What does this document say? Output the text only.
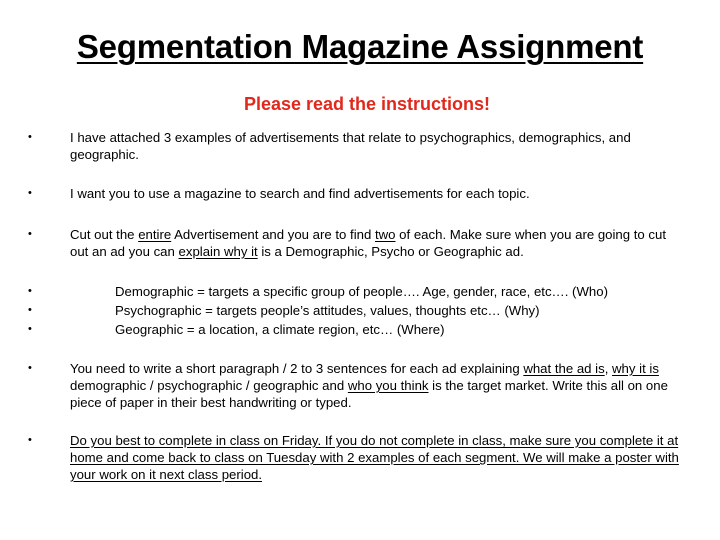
Segmentation Magazine Assignment
Please read the instructions!
•	I have attached 3 examples of advertisements that relate to psychographics, demographics, and geographic.
•	I want you to use a magazine to search and find advertisements for each topic.
•	Cut out the entire Advertisement and you are to find two of each. Make sure when you are going to cut out an ad you can explain why it is a Demographic, Psycho or Geographic ad.
•	Demographic = targets a specific group of people…. Age, gender, race, etc…. (Who)
•	Psychographic = targets people’s attitudes, values, thoughts etc… (Why)
•	Geographic = a location, a climate region, etc… (Where)
•	You need to write a short paragraph / 2 to 3 sentences for each ad explaining what the ad is, why it is demographic / psychographic / geographic and who you think is the target market. Write this all on one piece of paper in their best handwriting or typed.
•	Do you best to complete in class on Friday. If you do not complete in class, make sure you complete it at home and come back to class on Tuesday with 2 examples of each segment. We will make a poster with your work on it next class period.
